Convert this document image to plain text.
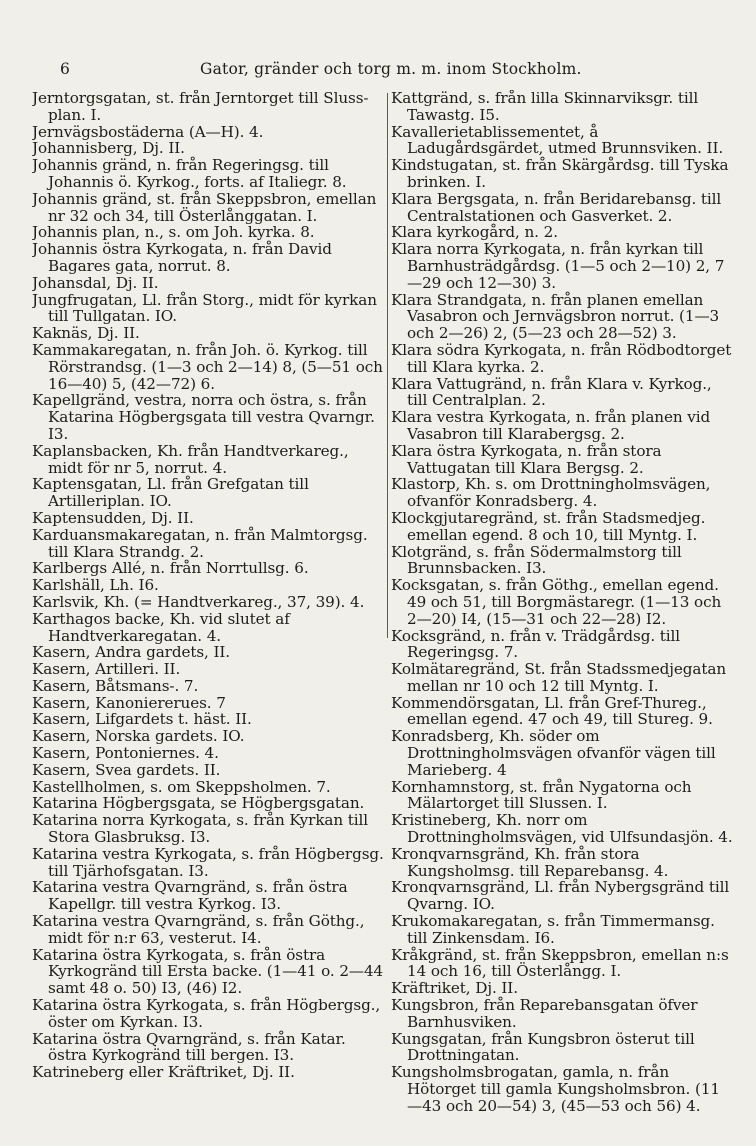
6	Gator, gränder och torg m. m. inom Stockholm.

Jerntorgsgatan, st. från Jerntorget till Sluss-plan. I.

Jernvägsbostäderna (A—H). 4.

Johannisberg, Dj. II.

Johannis gränd, n. från Regeringsg. till Johannis ö. Kyrkog., forts. af Italiegr. 8.

Johannis gränd, st. från Skeppsbron, emellan nr 32 och 34, till Österlånggatan. I.

Johannis plan, n., s. om Joh. kyrka. 8.

Johannis östra Kyrkogata, n. från David Bagares gata, norrut. 8.

Johansdal, Dj. II.

Jungfrugatan, Ll. från Storg., midt för kyrkan till Tullgatan. IO.

Kaknäs, Dj. II.

Kammakaregatan, n. från Joh. ö. Kyrkog. till Rörstrandsg. (1—3 och 2—14) 8, (5—51 och 16—40) 5, (42—72) 6.

Kapellgränd, vestra, norra och östra, s. från Katarina Högbergsgata till vestra Qvarngr. I3.

Kaplansbacken, Kh. från Handtverkareg., midt för nr 5, norrut. 4.

Kaptensgatan, Ll. från Grefgatan till Artilleriplan. IO.

Kaptensudden, Dj. II.

Karduansmakaregatan, n. från Malmtorgsg. till Klara Strandg. 2.

Karlbergs Allé, n. från Norrtullsg. 6.

Karlshäll, Lh. I6.

Karlsvik, Kh. (= Handtverkareg., 37, 39). 4.

Karthagos backe, Kh. vid slutet af Handtverkaregatan. 4.

Kasern, Andra gardets, II.

Kasern, Artilleri. II.

Kasern, Båtsmans-. 7.

Kasern, Kanoniererues. 7

Kasern, Lifgardets t. häst. II.

Kasern, Norska gardets. IO.

Kasern, Pontoniernes. 4.

Kasern, Svea gardets. II.

Kastellholmen, s. om Skeppsholmen. 7.

Katarina Högbergsgata, se Högbergsgatan.

Katarina norra Kyrkogata, s. från Kyrkan till Stora Glasbruksg. I3.

Katarina vestra Kyrkogata, s. från Högbergsg. till Tjärhofsgatan. I3.

Katarina vestra Qvarngränd, s. från östra Kapellgr. till vestra Kyrkog. I3.

Katarina vestra Qvarngränd, s. från Göthg., midt för n:r 63, vesterut. I4.

Katarina östra Kyrkogata, s. från östra Kyrkogränd till Ersta backe. (1—41 o. 2—44 samt 48 o. 50) I3, (46) I2.

Katarina östra Kyrkogata, s. från Högbergsg., öster om Kyrkan. I3.

Katarina östra Qvarngränd, s. från Katar. östra Kyrkogränd till bergen. I3.

Katrineberg eller Kräftriket, Dj. II.

Kattgränd, s. från lilla Skinnarviksgr. till Tawastg. I5.

Kavallerietablissementet, å Ladugårdsgärdet, utmed Brunnsviken. II.

Kindstugatan, st. från Skärgårdsg. till Tyska brinken. I.

Klara Bergsgata, n. från Beridarebansg. till Centralstationen och Gasverket. 2.

Klara kyrkogård, n. 2.

Klara norra Kyrkogata, n. från kyrkan till Barnhusträdgårdsg. (1—5 och 2—10) 2, 7—29 och 12—30) 3.

Klara Strandgata, n. från planen emellan Vasabron och Jernvägsbron norrut. (1—3 och 2—26) 2, (5—23 och 28—52) 3.

Klara södra Kyrkogata, n. från Rödbodtorget till Klara kyrka. 2.

Klara Vattugränd, n. från Klara v. Kyrkog., till Centralplan. 2.

Klara vestra Kyrkogata, n. från planen vid Vasabron till Klarabergsg. 2.

Klara östra Kyrkogata, n. från stora Vattugatan till Klara Bergsg. 2.

Klastorp, Kh. s. om Drottningholmsvägen, ofvanför Konradsberg. 4.

Klockgjutaregränd, st. från Stadsmedjeg. emellan egend. 8 och 10, till Myntg. I.

Klotgränd, s. från Södermalmstorg till Brunnsbacken. I3.

Kocksgatan, s. från Göthg., emellan egend. 49 och 51, till Borgmästaregr. (1—13 och 2—20) I4, (15—31 och 22—28) I2.

Kocksgränd, n. från v. Trädgårdsg. till Regeringsg. 7.

Kolmätaregränd, St. från Stadssmedjegatan mellan nr 10 och 12 till Myntg. I.

Kommendörsgatan, Ll. från Gref-Thureg., emellan egend. 47 och 49, till Stureg. 9.

Konradsberg, Kh. söder om Drottningholmsvägen ofvanför vägen till Marieberg. 4

Kornhamnstorg, st. från Nygatorna och Mälartorget till Slussen. I.

Kristineberg, Kh. norr om Drottningholmsvägen, vid Ulfsundasjön. 4.

Kronqvarnsgränd, Kh. från stora Kungsholmsg. till Reparebansg. 4.

Kronqvarnsgränd, Ll. från Nybergsgränd till Qvarng. IO.

Krukomakaregatan, s. från Timmermansg. till Zinkensdam. I6.

Kråkgränd, st. från Skeppsbron, emellan n:s 14 och 16, till Österlångg. I.

Kräftriket, Dj. II.

Kungsbron, från Reparebansgatan öfver Barnhusviken.

Kungsgatan, från Kungsbron österut till Drottningatan.

Kungsholmsbrogatan, gamla, n. från Hötorget till gamla Kungsholmsbron. (11—43 och 20—54) 3, (45—53 och 56) 4.
